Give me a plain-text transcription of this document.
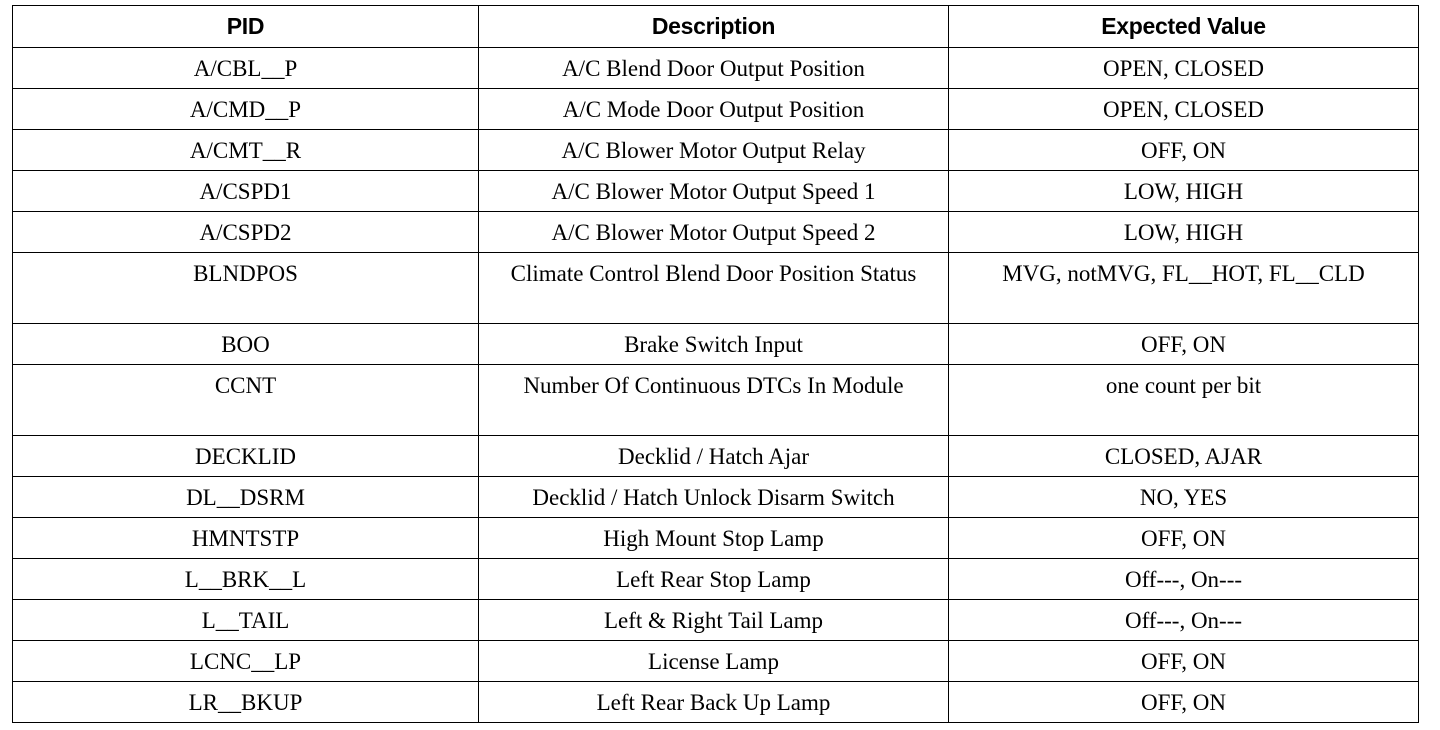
PID	Description	Expected Value
A/CBL__P	A/C Blend Door Output Position	OPEN, CLOSED
A/CMD__P	A/C Mode Door Output Position	OPEN, CLOSED
A/CMT__R	A/C Blower Motor Output Relay	OFF, ON
A/CSPD1	A/C Blower Motor Output Speed 1	LOW, HIGH
A/CSPD2	A/C Blower Motor Output Speed 2	LOW, HIGH
BLNDPOS	Climate Control Blend Door Position Status	MVG, notMVG, FL__HOT, FL__CLD
BOO	Brake Switch Input	OFF, ON
CCNT	Number Of Continuous DTCs In Module	one count per bit
DECKLID	Decklid / Hatch Ajar	CLOSED, AJAR
DL__DSRM	Decklid / Hatch Unlock Disarm Switch	NO, YES
HMNTSTP	High Mount Stop Lamp	OFF, ON
L__BRK__L	Left Rear Stop Lamp	Off---, On---
L__TAIL	Left & Right Tail Lamp	Off---, On---
LCNC__LP	License Lamp	OFF, ON
LR__BKUP	Left Rear Back Up Lamp	OFF, ON
